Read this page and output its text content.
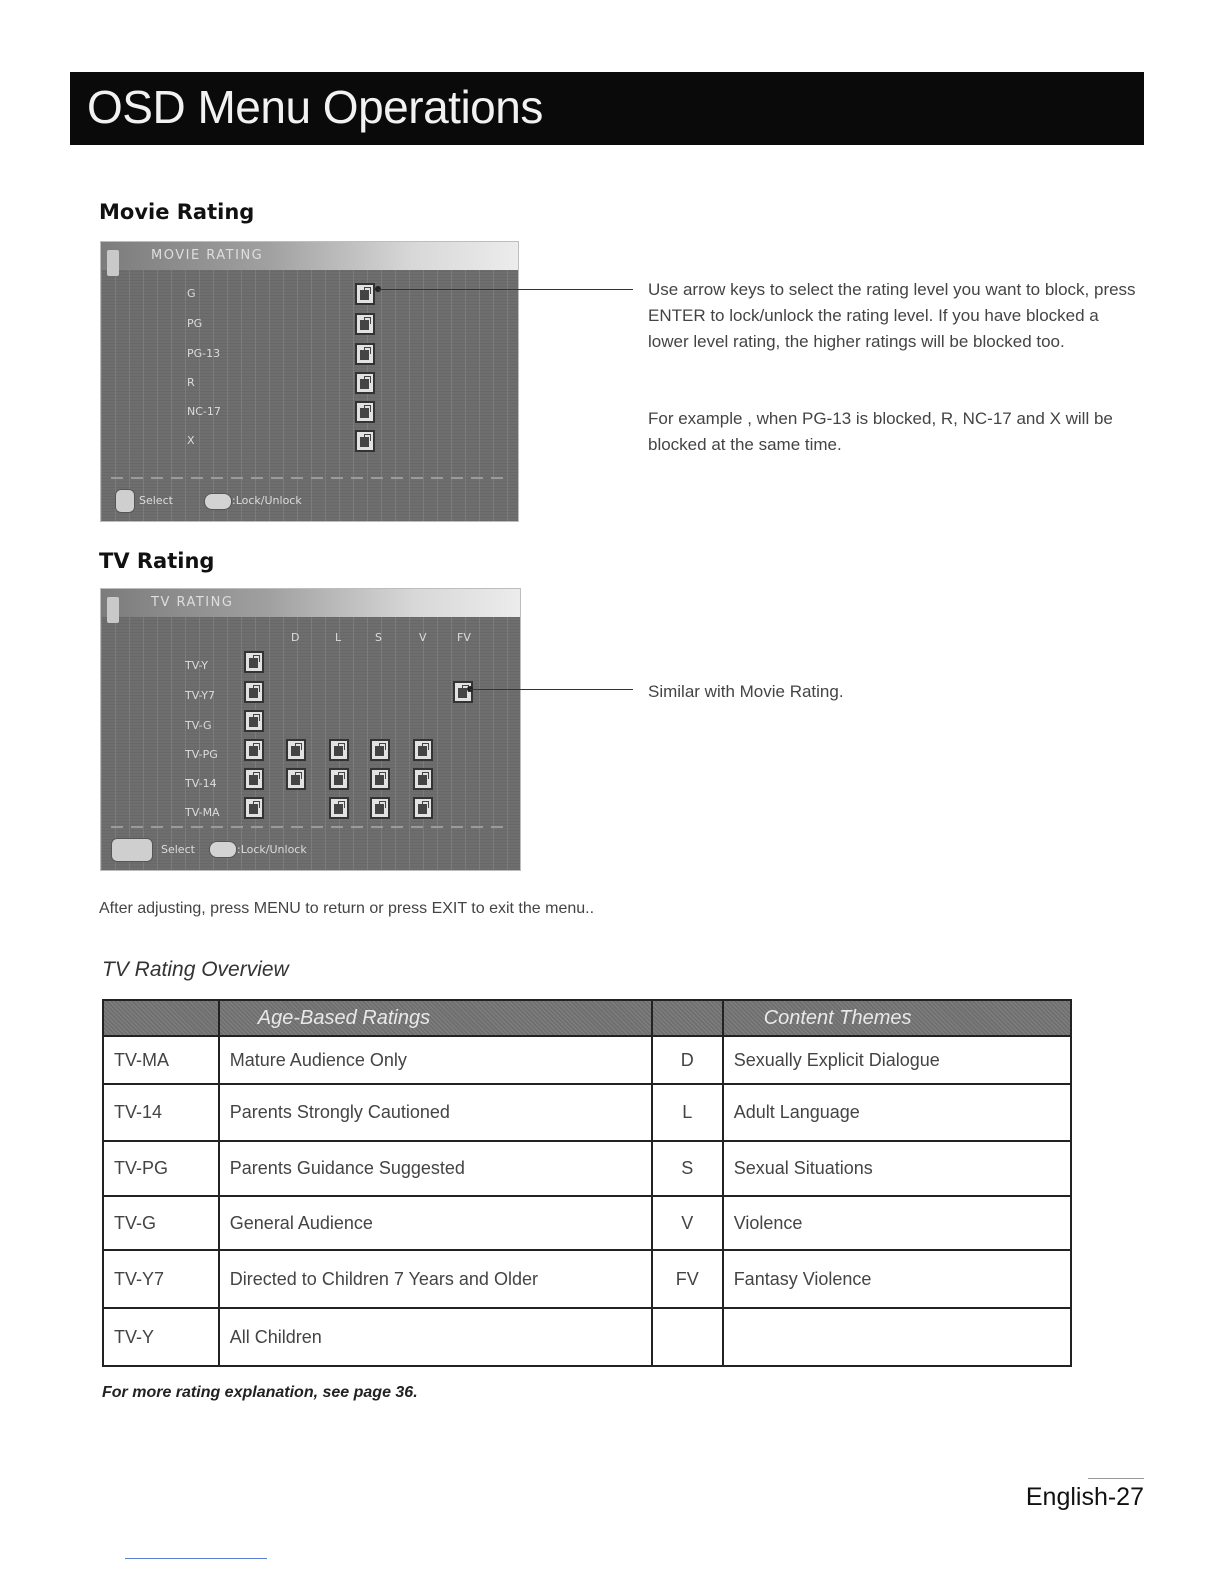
OSD Menu Operations
Movie Rating
MOVIE RATING
G
PG
PG-13
R
NC-17
X
Select	:Lock/Unlock
Use arrow keys to select the rating level you want to block, press ENTER to lock/unlock the rating level. If you have blocked a lower level rating, the higher ratings will be blocked too.
For example , when PG-13 is blocked, R, NC-17 and X will be blocked at the same time.
TV Rating
TV RATING
D	L	S	V	FV
TV-Y
TV-Y7
TV-G
TV-PG
TV-14
TV-MA
Select	:Lock/Unlock
Similar with Movie Rating.
After adjusting, press MENU to return or press EXIT to exit the menu..
TV Rating Overview
	Age-Based Ratings		Content Themes
TV-MA	Mature Audience Only	D	Sexually Explicit Dialogue
TV-14	Parents Strongly Cautioned	L	Adult Language
TV-PG	Parents Guidance Suggested	S	Sexual Situations
TV-G	General Audience	V	Violence
TV-Y7	Directed to Children 7 Years and Older	FV	Fantasy Violence
TV-Y	All Children		
For more rating explanation, see page 36.
English-27
